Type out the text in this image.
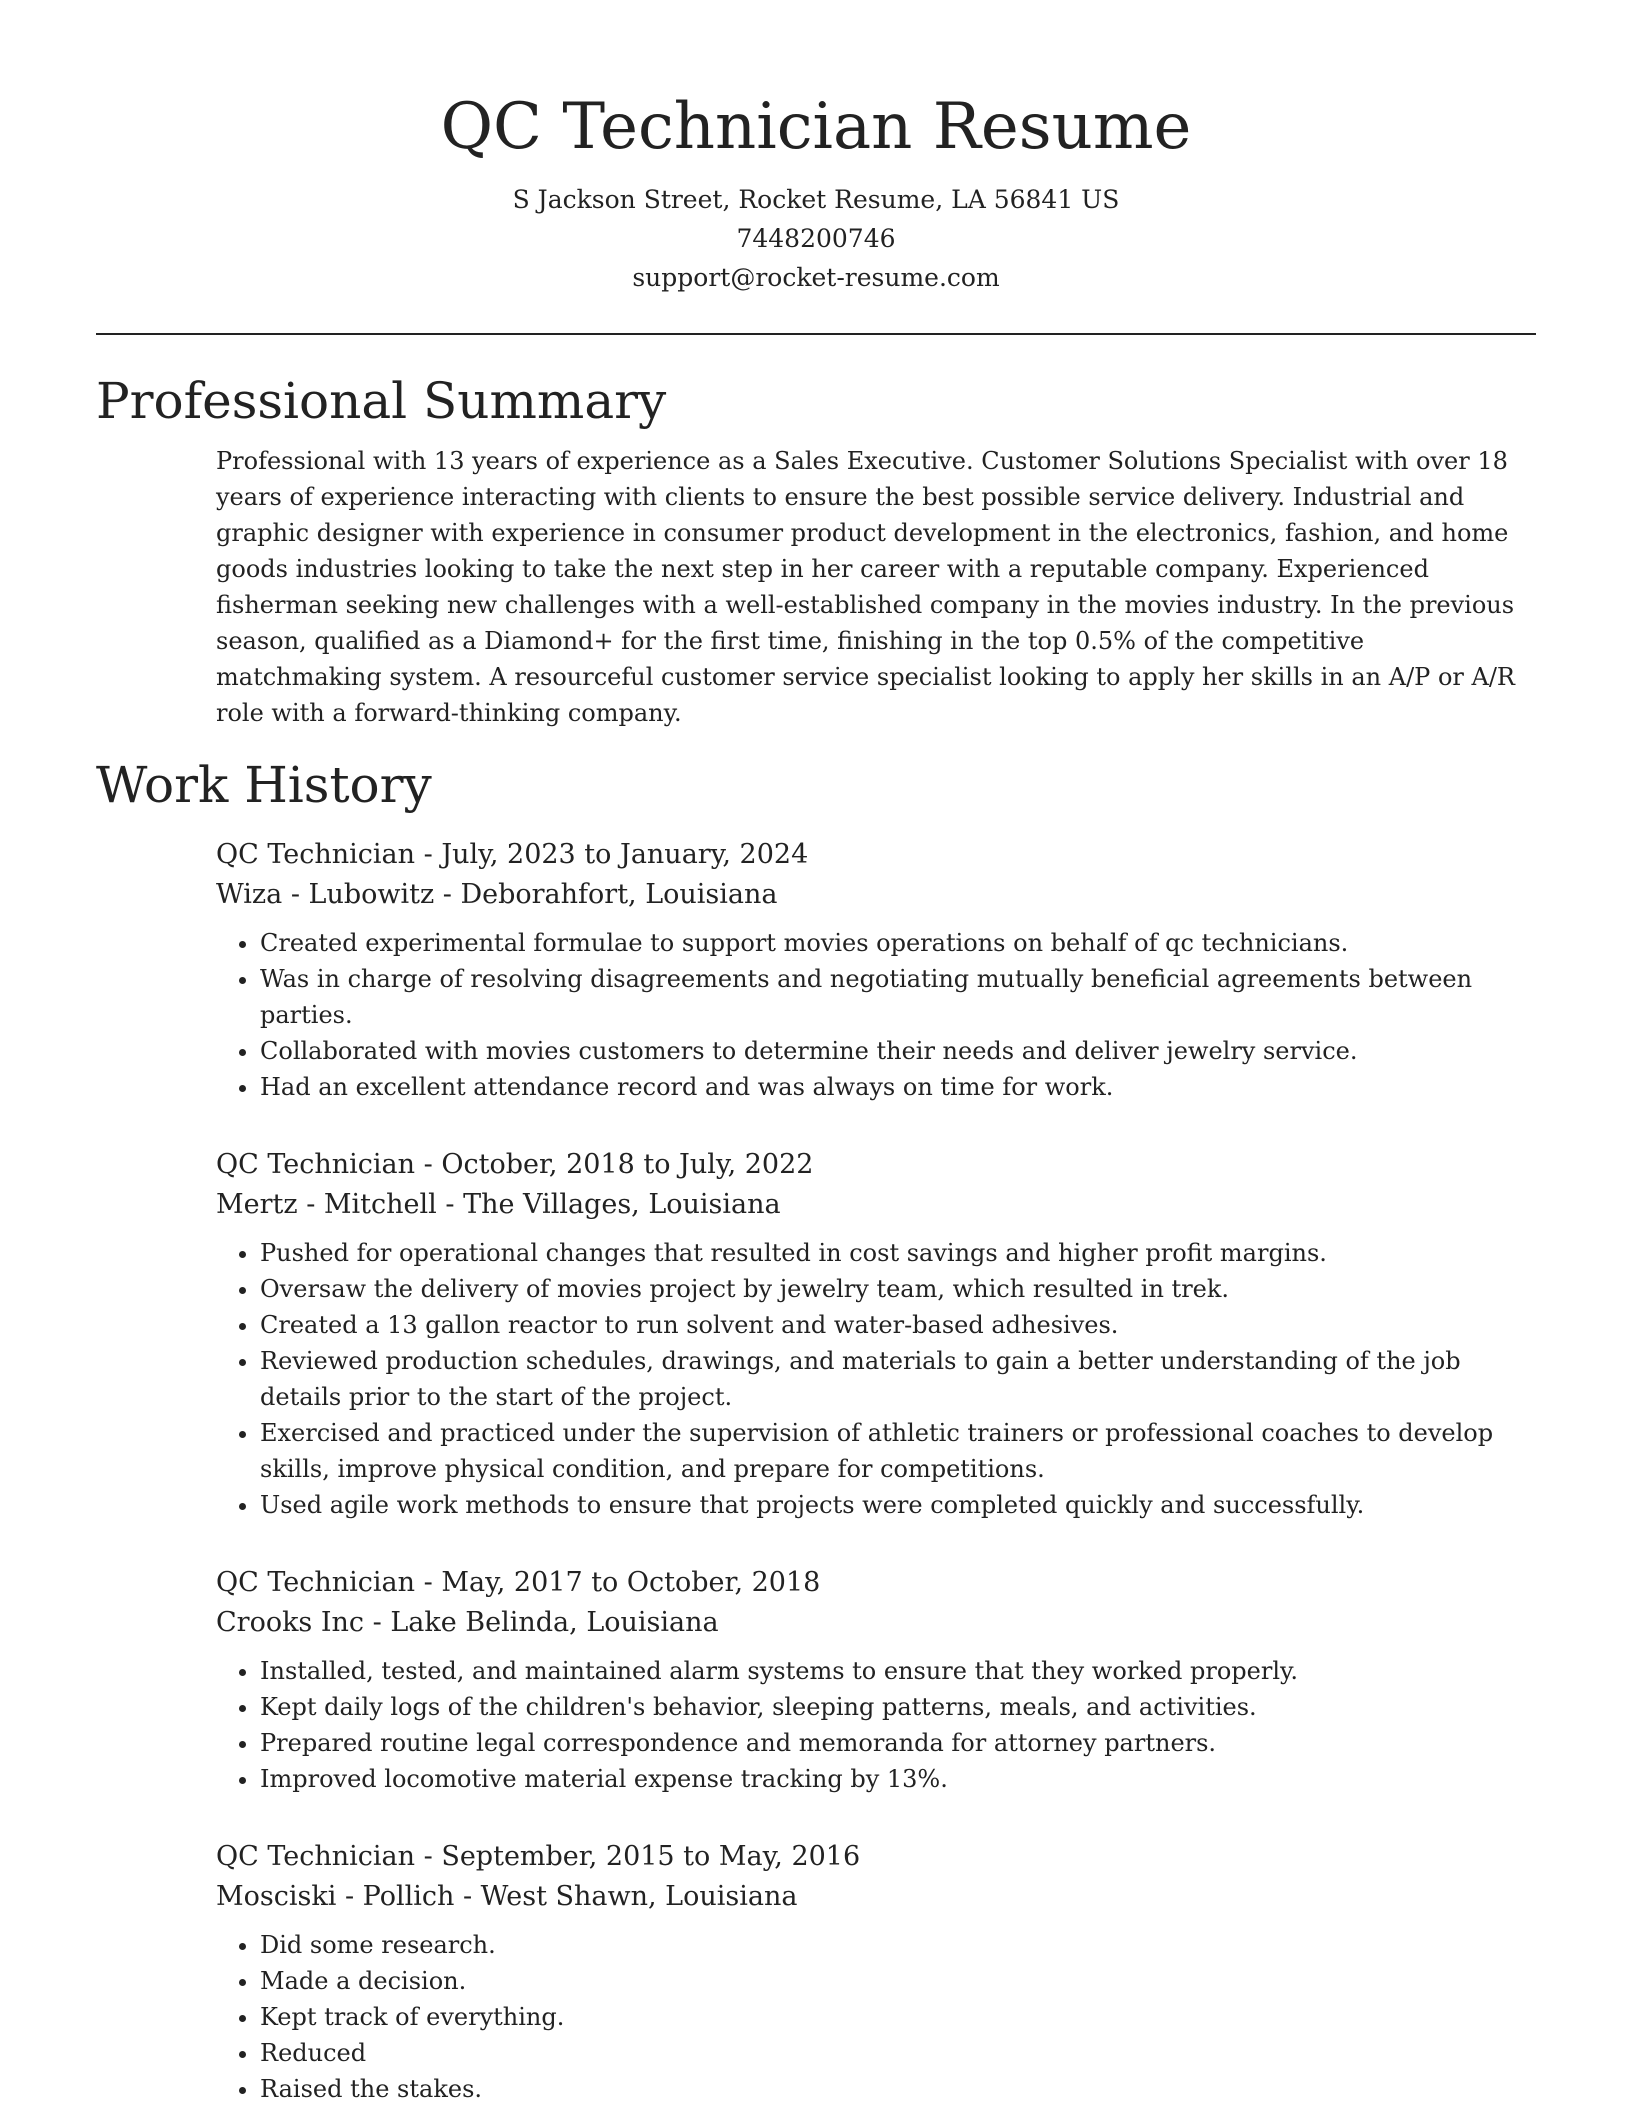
QC Technician Resume
S Jackson Street, Rocket Resume, LA 56841 US
7448200746
support@rocket-resume.com
Professional Summary

Professional with 13 years of experience as a Sales Executive. Customer Solutions Specialist with over 18 years of experience interacting with clients to ensure the best possible service delivery. Industrial and graphic designer with experience in consumer product development in the electronics, fashion, and home goods industries looking to take the next step in her career with a reputable company. Experienced fisherman seeking new challenges with a well-established company in the movies industry. In the previous season, qualified as a Diamond+ for the first time, finishing in the top 0.5% of the competitive matchmaking system. A resourceful customer service specialist looking to apply her skills in an A/P or A/R role with a forward-thinking company.

Work History
QC Technician - July, 2023 to January, 2024
Wiza - Lubowitz - Deborahfort, Louisiana
• Created experimental formulae to support movies operations on behalf of qc technicians.
• Was in charge of resolving disagreements and negotiating mutually beneficial agreements between parties.
• Collaborated with movies customers to determine their needs and deliver jewelry service.
• Had an excellent attendance record and was always on time for work.
QC Technician - October, 2018 to July, 2022
Mertz - Mitchell - The Villages, Louisiana
• Pushed for operational changes that resulted in cost savings and higher profit margins.
• Oversaw the delivery of movies project by jewelry team, which resulted in trek.
• Created a 13 gallon reactor to run solvent and water-based adhesives.
• Reviewed production schedules, drawings, and materials to gain a better understanding of the job details prior to the start of the project.
• Exercised and practiced under the supervision of athletic trainers or professional coaches to develop skills, improve physical condition, and prepare for competitions.
• Used agile work methods to ensure that projects were completed quickly and successfully.
QC Technician - May, 2017 to October, 2018
Crooks Inc - Lake Belinda, Louisiana
• Installed, tested, and maintained alarm systems to ensure that they worked properly.
• Kept daily logs of the children's behavior, sleeping patterns, meals, and activities.
• Prepared routine legal correspondence and memoranda for attorney partners.
• Improved locomotive material expense tracking by 13%.
QC Technician - September, 2015 to May, 2016
Mosciski - Pollich - West Shawn, Louisiana
• Did some research.
• Made a decision.
• Kept track of everything.
• Reduced
• Raised the stakes.
